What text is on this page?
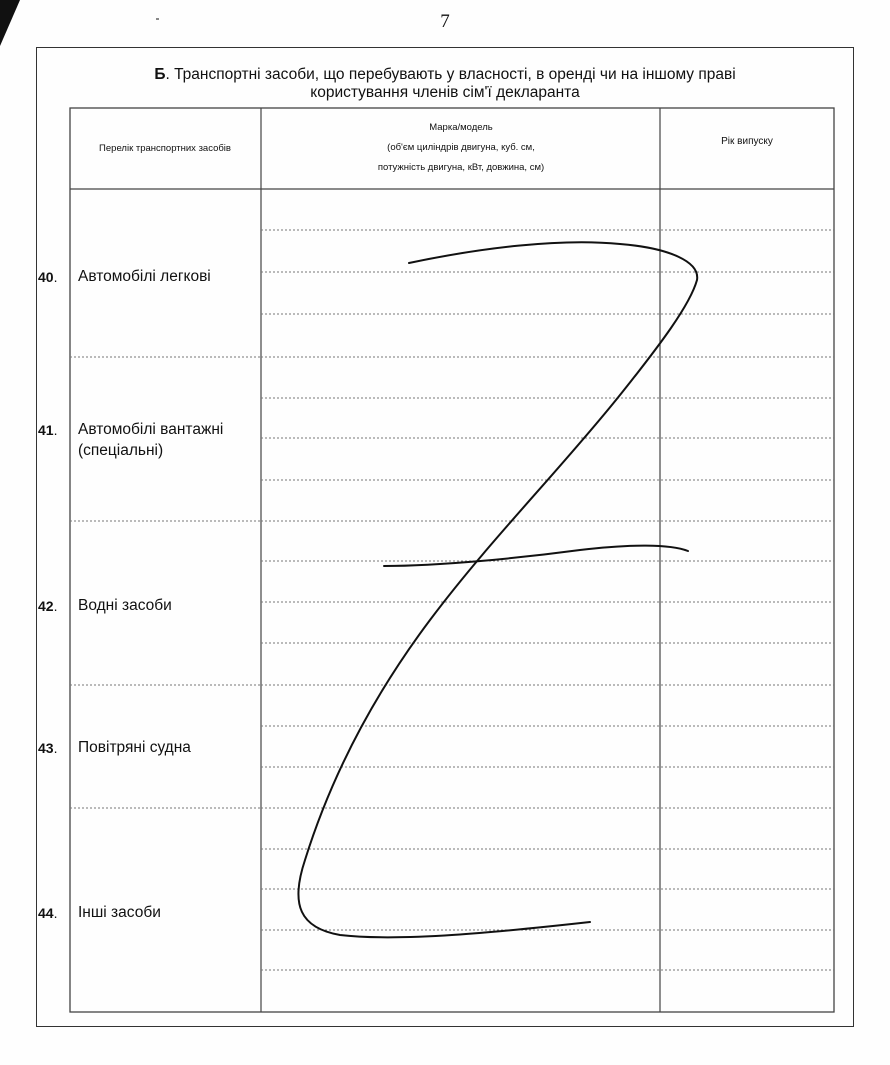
7
Б. Транспортні засоби, що перебувають у власності, в оренді чи на іншому праві
користування членів сім'ї декларанта
Перелік транспортних засобів
Марка/модель
(об'єм циліндрів двигуна, куб. см,
потужність двигуна, кВт, довжина, см)
Рік випуску
40 . Автомобілі легкові
41 . Автомобілі вантажні
(спеціальні)
42 . Водні засоби
43 . Повітряні судна
44 . Інші засоби
